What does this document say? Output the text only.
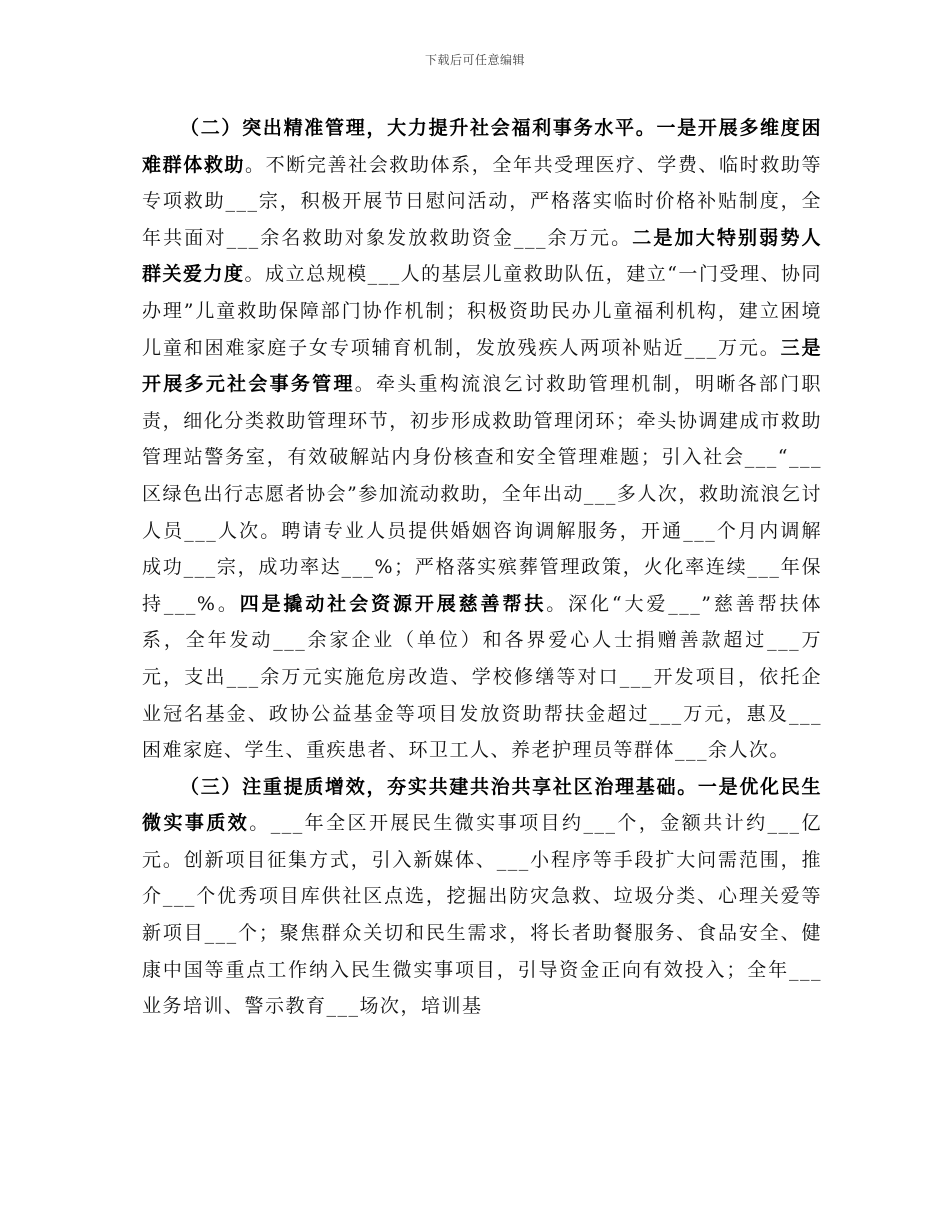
下载后可任意编辑

（二）突出精准管理，大力提升社会福利事务水平。一是开展多维度困难群体救助。不断完善社会救助体系，全年共受理医疗、学费、临时救助等专项救助___宗，积极开展节日慰问活动，严格落实临时价格补贴制度，全年共面对___余名救助对象发放救助资金___余万元。二是加大特别弱势人群关爱力度。成立总规模___人的基层儿童救助队伍，建立“一门受理、协同办理”儿童救助保障部门协作机制；积极资助民办儿童福利机构，建立困境儿童和困难家庭子女专项辅育机制，发放残疾人两项补贴近___万元。三是开展多元社会事务管理。牵头重构流浪乞讨救助管理机制，明晰各部门职责，细化分类救助管理环节，初步形成救助管理闭环；牵头协调建成市救助管理站警务室，有效破解站内身份核查和安全管理难题；引入社会___“___区绿色出行志愿者协会”参加流动救助，全年出动___多人次，救助流浪乞讨人员___人次。聘请专业人员提供婚姻咨询调解服务，开通___个月内调解成功___宗，成功率达___%；严格落实殡葬管理政策，火化率连续___年保持___%。四是撬动社会资源开展慈善帮扶。深化“大爱___”慈善帮扶体系，全年发动___余家企业（单位）和各界爱心人士捐赠善款超过___万元，支出___余万元实施危房改造、学校修缮等对口___开发项目，依托企业冠名基金、政协公益基金等项目发放资助帮扶金超过___万元，惠及___困难家庭、学生、重疾患者、环卫工人、养老护理员等群体___余人次。

（三）注重提质增效，夯实共建共治共享社区治理基础。一是优化民生微实事质效。___年全区开展民生微实事项目约___个，金额共计约___亿元。创新项目征集方式，引入新媒体、___小程序等手段扩大问需范围，推介___个优秀项目库供社区点选，挖掘出防灾急救、垃圾分类、心理关爱等新项目___个；聚焦群众关切和民生需求，将长者助餐服务、食品安全、健康中国等重点工作纳入民生微实事项目，引导资金正向有效投入；全年___业务培训、警示教育___场次，培训基
